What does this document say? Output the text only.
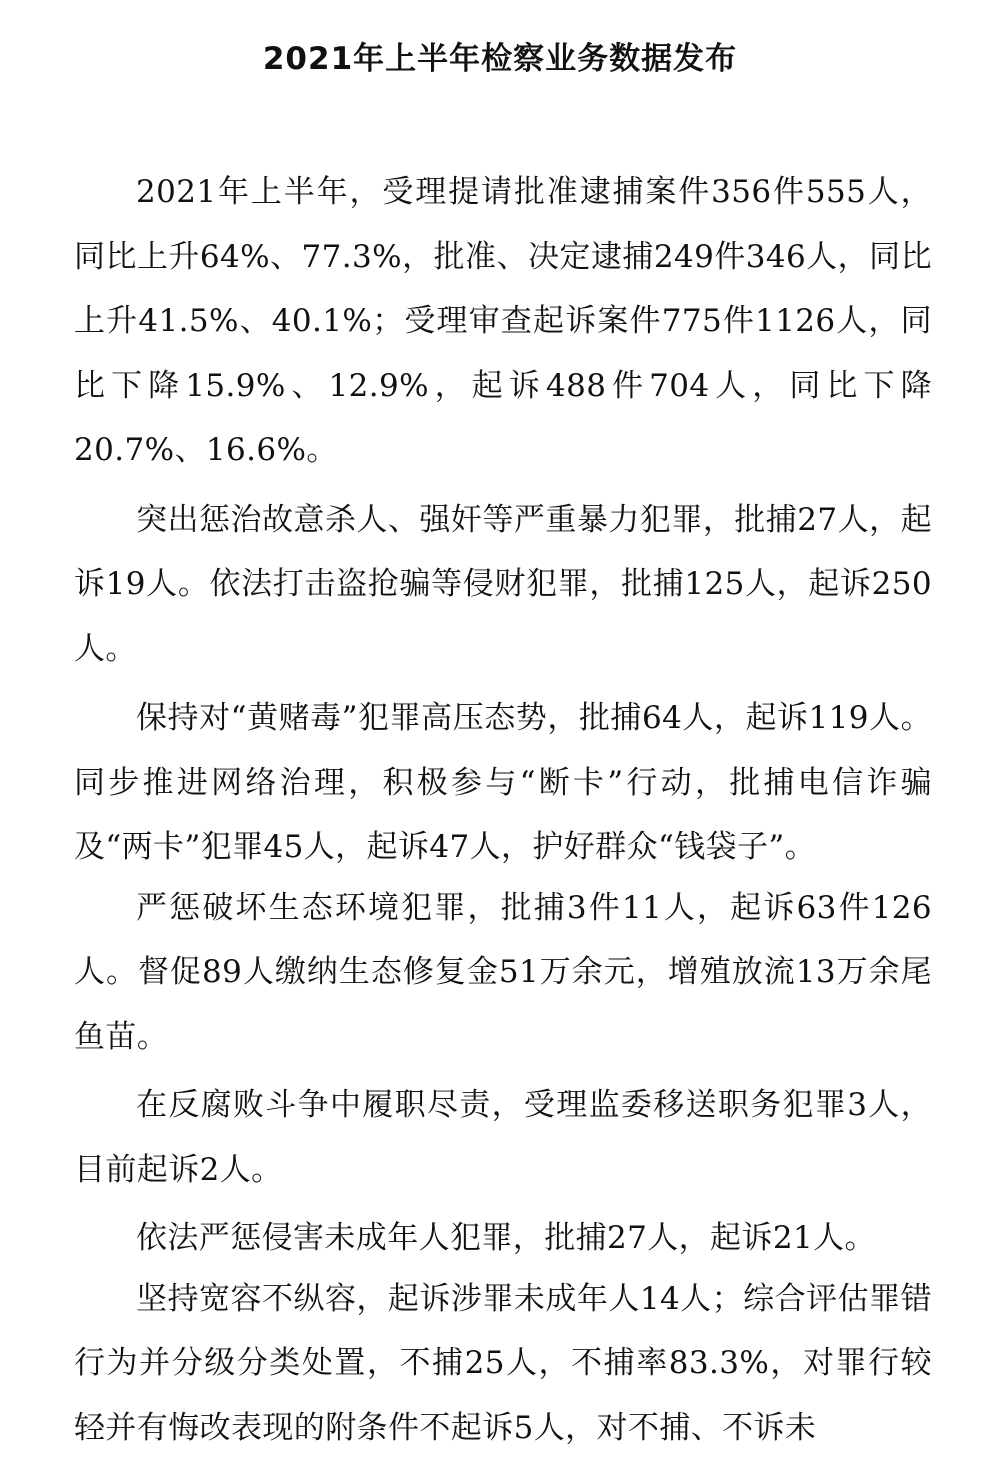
2021年上半年检察业务数据发布

2021年上半年，受理提请批准逮捕案件356件555人，同比上升64%、77.3%，批准、决定逮捕249件346人，同比上升41.5%、40.1%；受理审查起诉案件775件1126人，同比下降15.9%、12.9%，起诉488件704人，同比下降20.7%、16.6%。

突出惩治故意杀人、强奸等严重暴力犯罪，批捕27人，起诉19人。依法打击盗抢骗等侵财犯罪，批捕125人，起诉250人。

保持对“黄赌毒”犯罪高压态势，批捕64人，起诉119人。同步推进网络治理，积极参与“断卡”行动，批捕电信诈骗及“两卡”犯罪45人，起诉47人，护好群众“钱袋子”。

严惩破坏生态环境犯罪，批捕3件11人，起诉63件126人。督促89人缴纳生态修复金51万余元，增殖放流13万余尾鱼苗。

在反腐败斗争中履职尽责，受理监委移送职务犯罪3人，目前起诉2人。

依法严惩侵害未成年人犯罪，批捕27人，起诉21人。

坚持宽容不纵容，起诉涉罪未成年人14人；综合评估罪错行为并分级分类处置，不捕25人，不捕率83.3%，对罪行较轻并有悔改表现的附条件不起诉5人，对不捕、不诉未
